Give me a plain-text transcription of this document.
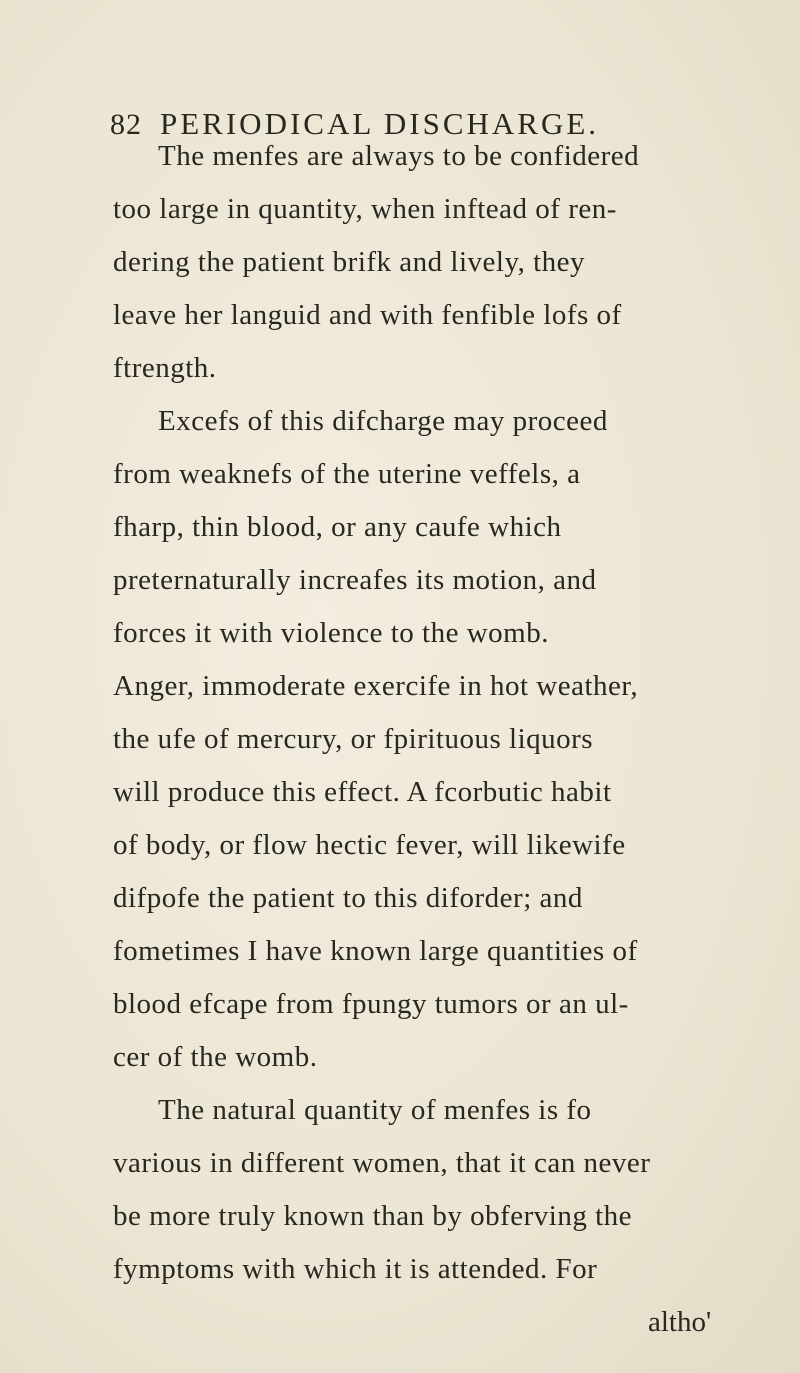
82 PERIODICAL DISCHARGE.
The menfes are always to be confidered
too large in quantity, when inftead of ren-
dering the patient brifk and lively, they
leave her languid and with fenfible lofs of
ftrength.
Excefs of this difcharge may proceed
from weaknefs of the uterine veffels, a
fharp, thin blood, or any caufe which
preternaturally increafes its motion, and
forces it with violence to the womb.
Anger, immoderate exercife in hot weather,
the ufe of mercury, or fpirituous liquors
will produce this effect. A fcorbutic habit
of body, or flow hectic fever, will likewife
difpofe the patient to this diforder; and
fometimes I have known large quantities of
blood efcape from fpungy tumors or an ul-
cer of the womb.
The natural quantity of menfes is fo
various in different women, that it can never
be more truly known than by obferving the
fymptoms with which it is attended. For
altho'
